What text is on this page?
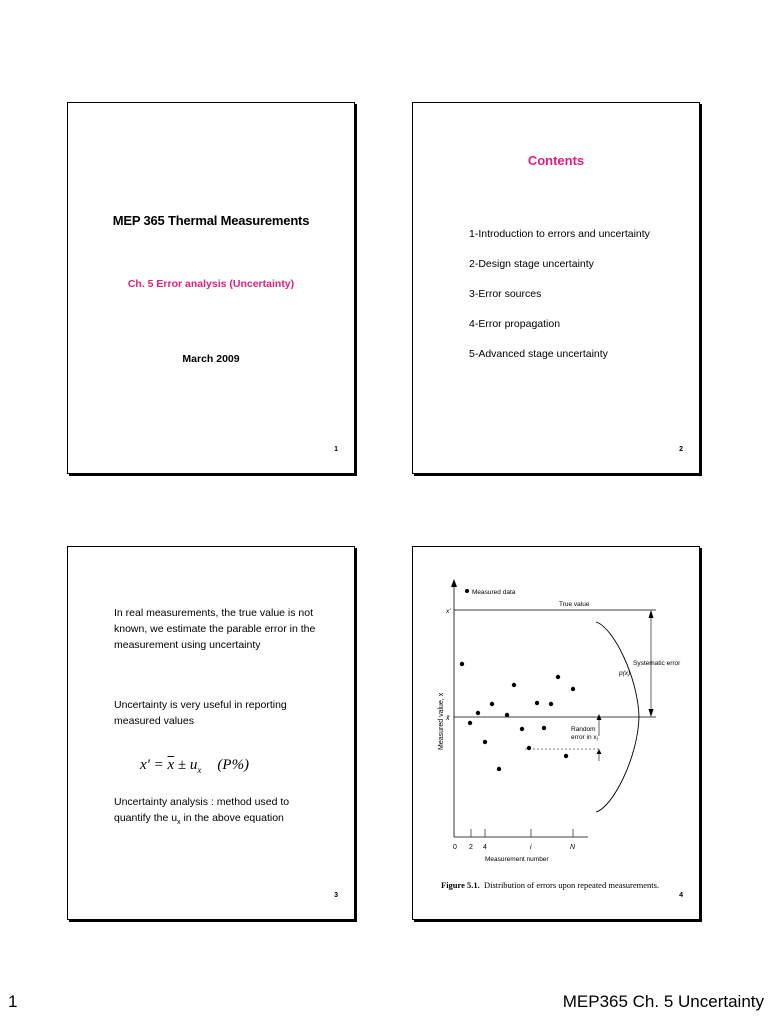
MEP 365 Thermal Measurements
Ch. 5 Error analysis (Uncertainty)
March 2009
1
Contents
1-Introduction to errors and uncertainty
2-Design stage uncertainty
3-Error sources
4-Error propagation
5-Advanced stage uncertainty
2

In real measurements, the true value is not known, we estimate the parable error in the measurement using uncertainty

Uncertainty is very useful in reporting measured values

$x' = \overline{x} \pm u_x$ (P%)

Uncertainty analysis : method used to quantify the $u_x$ in the above equation

3
Measured data
True value
x'
x̄
Measured value, x
p(x)
Systematic error
Random
error in $x_i$
0 2 4	i	N
Measurement number
Figure 5.1. Distribution of errors upon repeated measurements.
4
1	MEP365 Ch. 5 Uncertainty
